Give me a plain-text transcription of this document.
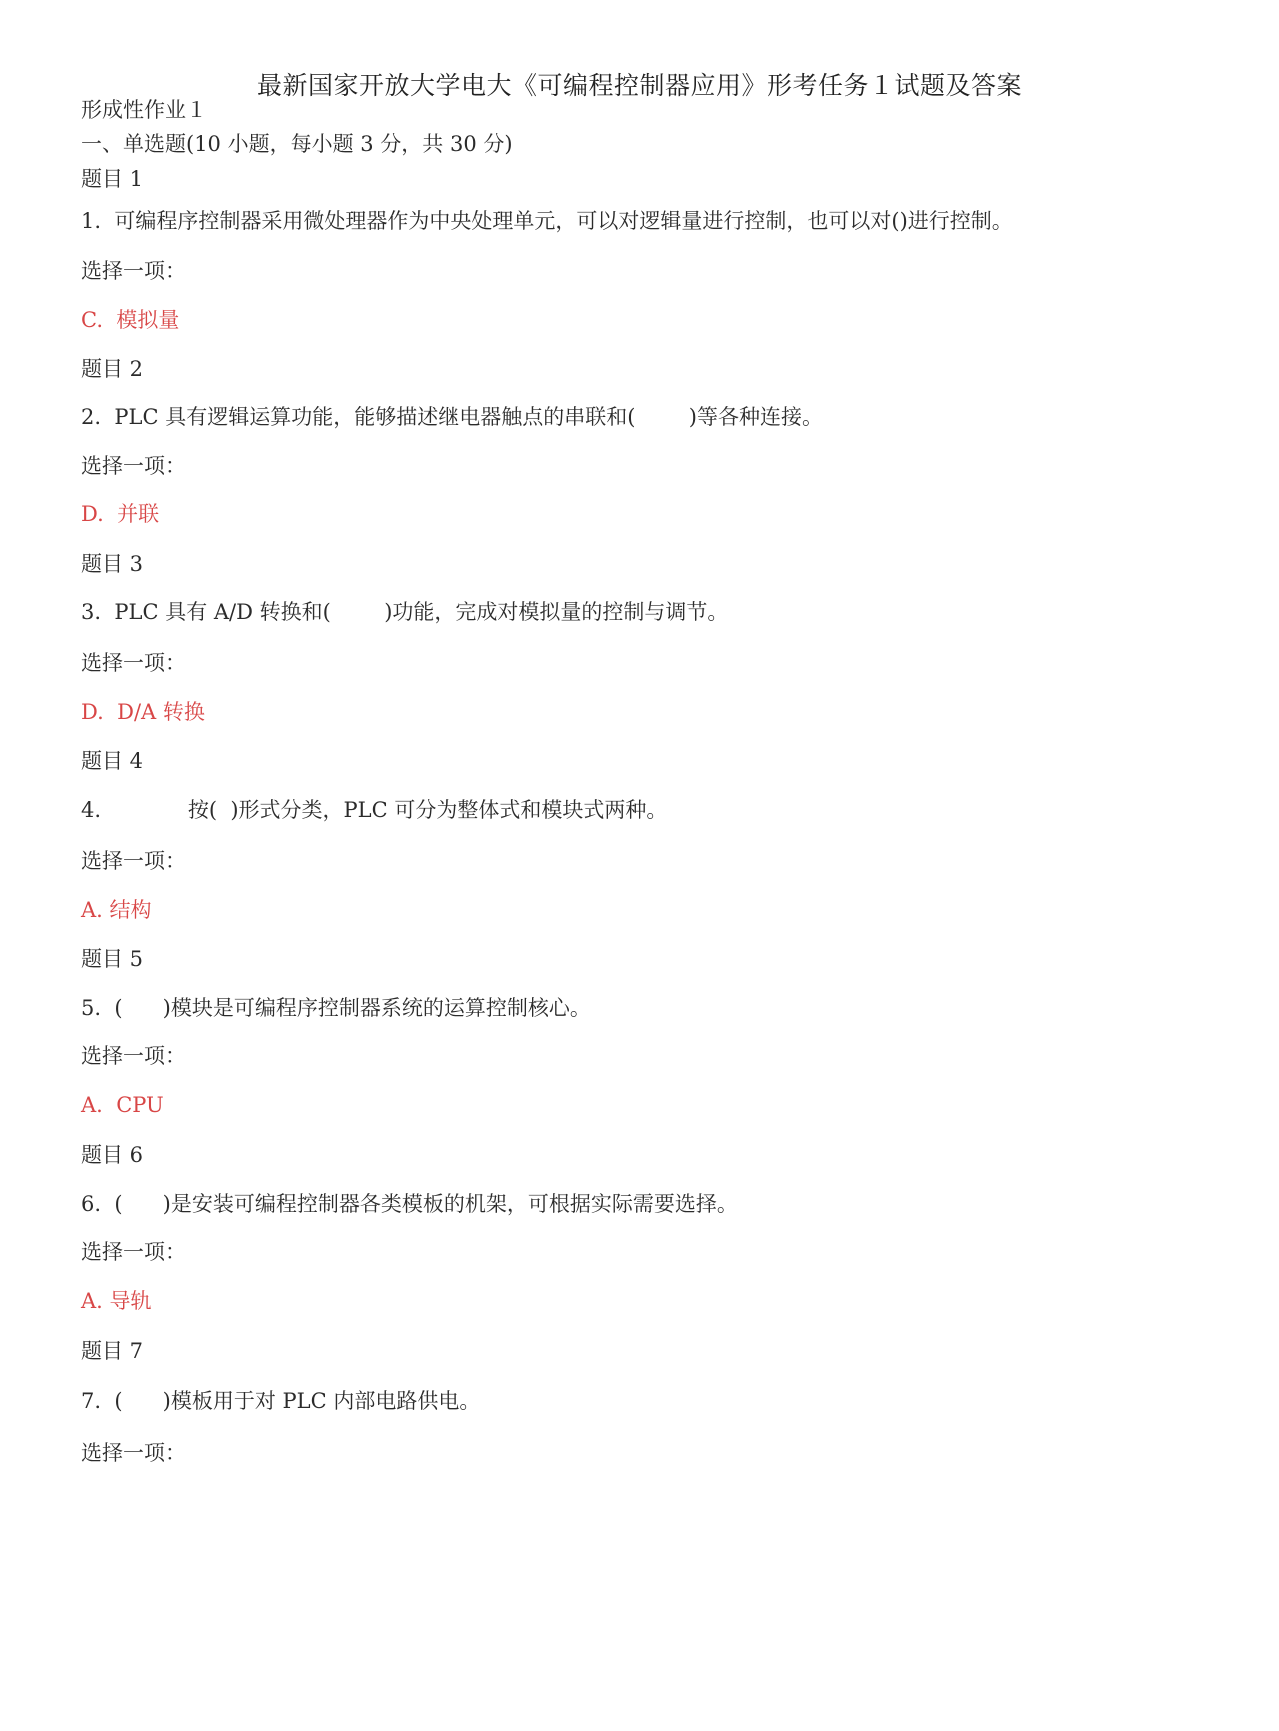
最新国家开放大学电大《可编程控制器应用》形考任务１试题及答案
形成性作业１
一、单选题(10 小题，每小题 3 分，共 30 分)
题目 1
1.  可编程序控制器采用微处理器作为中央处理单元，可以对逻辑量进行控制，也可以对()进行控制。
选择一项：
C.  模拟量
题目 2
2.  PLC 具有逻辑运算功能，能够描述继电器触点的串联和(        )等各种连接。
选择一项：
D.  并联
题目 3
3.  PLC 具有 A/D 转换和(        )功能，完成对模拟量的控制与调节。
选择一项：
D.  D/A 转换
题目 4
4.             按(  )形式分类，PLC 可分为整体式和模块式两种。
选择一项：
A. 结构
题目 5
5.  (      )模块是可编程序控制器系统的运算控制核心。
选择一项：
A.  CPU
题目 6
6.  (      )是安装可编程控制器各类模板的机架，可根据实际需要选择。
选择一项：
A. 导轨
题目 7
7.  (      )模板用于对 PLC 内部电路供电。
选择一项：
